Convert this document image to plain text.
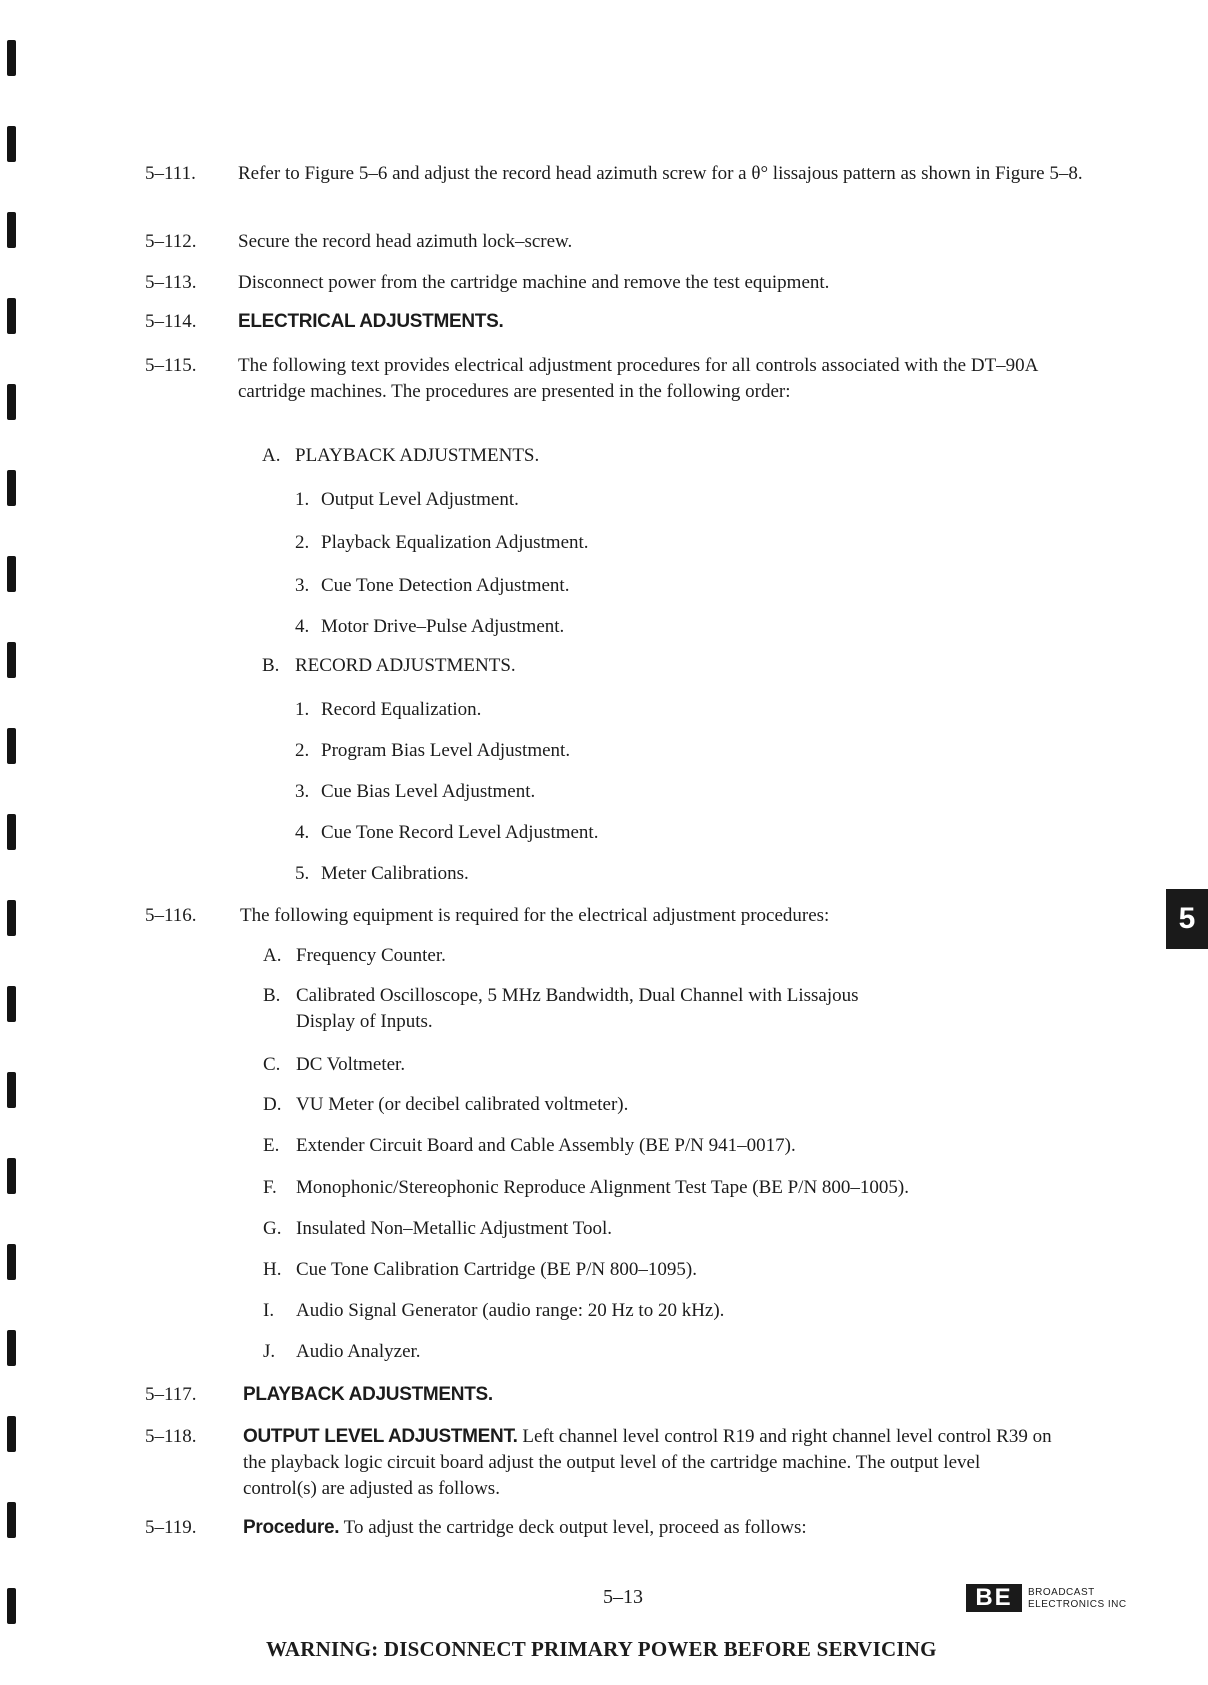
5–111.	Refer to Figure 5–6 and adjust the record head azimuth screw for a θ° lissajous pattern as shown in Figure 5–8.
5–112.	Secure the record head azimuth lock–screw.
5–113.	Disconnect power from the cartridge machine and remove the test equipment.
5–114.	ELECTRICAL ADJUSTMENTS.
5–115.	The following text provides electrical adjustment procedures for all controls associated with the DT–90A cartridge machines. The procedures are presented in the following order:
A. PLAYBACK ADJUSTMENTS.
1. Output Level Adjustment.
2. Playback Equalization Adjustment.
3. Cue Tone Detection Adjustment.
4. Motor Drive–Pulse Adjustment.
B. RECORD ADJUSTMENTS.
1. Record Equalization.
2. Program Bias Level Adjustment.
3. Cue Bias Level Adjustment.
4. Cue Tone Record Level Adjustment.
5. Meter Calibrations.
5–116.	The following equipment is required for the electrical adjustment procedures:
A. Frequency Counter.
B. Calibrated Oscilloscope, 5 MHz Bandwidth, Dual Channel with Lissajous
Display of Inputs.
C. DC Voltmeter.
D. VU Meter (or decibel calibrated voltmeter).
E. Extender Circuit Board and Cable Assembly (BE P/N 941–0017).
F. Monophonic/Stereophonic Reproduce Alignment Test Tape (BE P/N 800–1005).
G. Insulated Non–Metallic Adjustment Tool.
H. Cue Tone Calibration Cartridge (BE P/N 800–1095).
I. Audio Signal Generator (audio range: 20 Hz to 20 kHz).
J. Audio Analyzer.
5–117.	PLAYBACK ADJUSTMENTS.
5–118.	OUTPUT LEVEL ADJUSTMENT. Left channel level control R19 and right channel level control R39 on the playback logic circuit board adjust the output level of the cartridge machine. The output level control(s) are adjusted as follows.
5–119.	Procedure. To adjust the cartridge deck output level, proceed as follows:
5
5–13	BE	BROADCAST
ELECTRONICS INC
WARNING: DISCONNECT PRIMARY POWER BEFORE SERVICING
